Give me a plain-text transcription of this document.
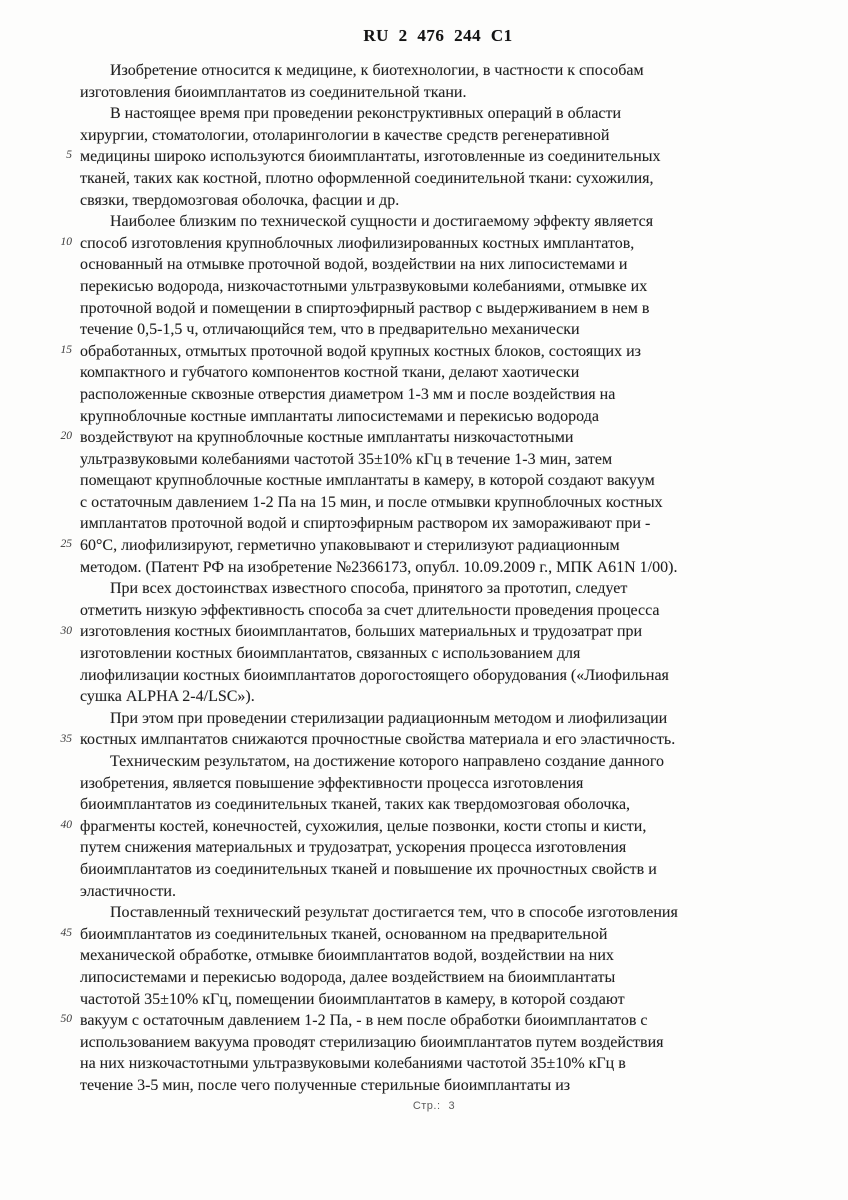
RU 2 476 244 C1
5
10
15
20
25
30
35
40
45
50
Изобретение относится к медицине, к биотехнологии, в частности к способам
изготовления биоимплантатов из соединительной ткани.
В настоящее время при проведении реконструктивных операций в области
хирургии, стоматологии, отоларингологии в качестве средств регенеративной
медицины широко используются биоимплантаты, изготовленные из соединительных
тканей, таких как костной, плотно оформленной соединительной ткани: сухожилия,
связки, твердомозговая оболочка, фасции и др.
Наиболее близким по технической сущности и достигаемому эффекту является
способ изготовления крупноблочных лиофилизированных костных имплантатов,
основанный на отмывке проточной водой, воздействии на них липосистемами и
перекисью водорода, низкочастотными ультразвуковыми колебаниями, отмывке их
проточной водой и помещении в спиртоэфирный раствор с выдерживанием в нем в
течение 0,5-1,5 ч, отличающийся тем, что в предварительно механически
обработанных, отмытых проточной водой крупных костных блоков, состоящих из
компактного и губчатого компонентов костной ткани, делают хаотически
расположенные сквозные отверстия диаметром 1-3 мм и после воздействия на
крупноблочные костные имплантаты липосистемами и перекисью водорода
воздействуют на крупноблочные костные имплантаты низкочастотными
ультразвуковыми колебаниями частотой 35±10% кГц в течение 1-3 мин, затем
помещают крупноблочные костные имплантаты в камеру, в которой создают вакуум
с остаточным давлением 1-2 Па на 15 мин, и после отмывки крупноблочных костных
имплантатов проточной водой и спиртоэфирным раствором их замораживают при -
60°С, лиофилизируют, герметично упаковывают и стерилизуют радиационным
методом. (Патент РФ на изобретение №2366173, опубл. 10.09.2009 г., МПК A61N 1/00).
При всех достоинствах известного способа, принятого за прототип, следует
отметить низкую эффективность способа за счет длительности проведения процесса
изготовления костных биоимплантатов, больших материальных и трудозатрат при
изготовлении костных биоимплантатов, связанных с использованием для
лиофилизации костных биоимплантатов дорогостоящего оборудования («Лиофильная
сушка ALPHA 2-4/LSC»).
При этом при проведении стерилизации радиационным методом и лиофилизации
костных имлпантатов снижаются прочностные свойства материала и его эластичность.
Техническим результатом, на достижение которого направлено создание данного
изобретения, является повышение эффективности процесса изготовления
биоимплантатов из соединительных тканей, таких как твердомозговая оболочка,
фрагменты костей, конечностей, сухожилия, целые позвонки, кости стопы и кисти,
путем снижения материальных и трудозатрат, ускорения процесса изготовления
биоимплантатов из соединительных тканей и повышение их прочностных свойств и
эластичности.
Поставленный технический результат достигается тем, что в способе изготовления
биоимплантатов из соединительных тканей, основанном на предварительной
механической обработке, отмывке биоимплантатов водой, воздействии на них
липосистемами и перекисью водорода, далее воздействием на биоимплантаты
частотой 35±10% кГц, помещении биоимплантатов в камеру, в которой создают
вакуум с остаточным давлением 1-2 Па, - в нем после обработки биоимплантатов с
использованием вакуума проводят стерилизацию биоимплантатов путем воздействия
на них низкочастотными ультразвуковыми колебаниями частотой 35±10% кГц в
течение 3-5 мин, после чего полученные стерильные биоимплантаты из
Стр.: 3
